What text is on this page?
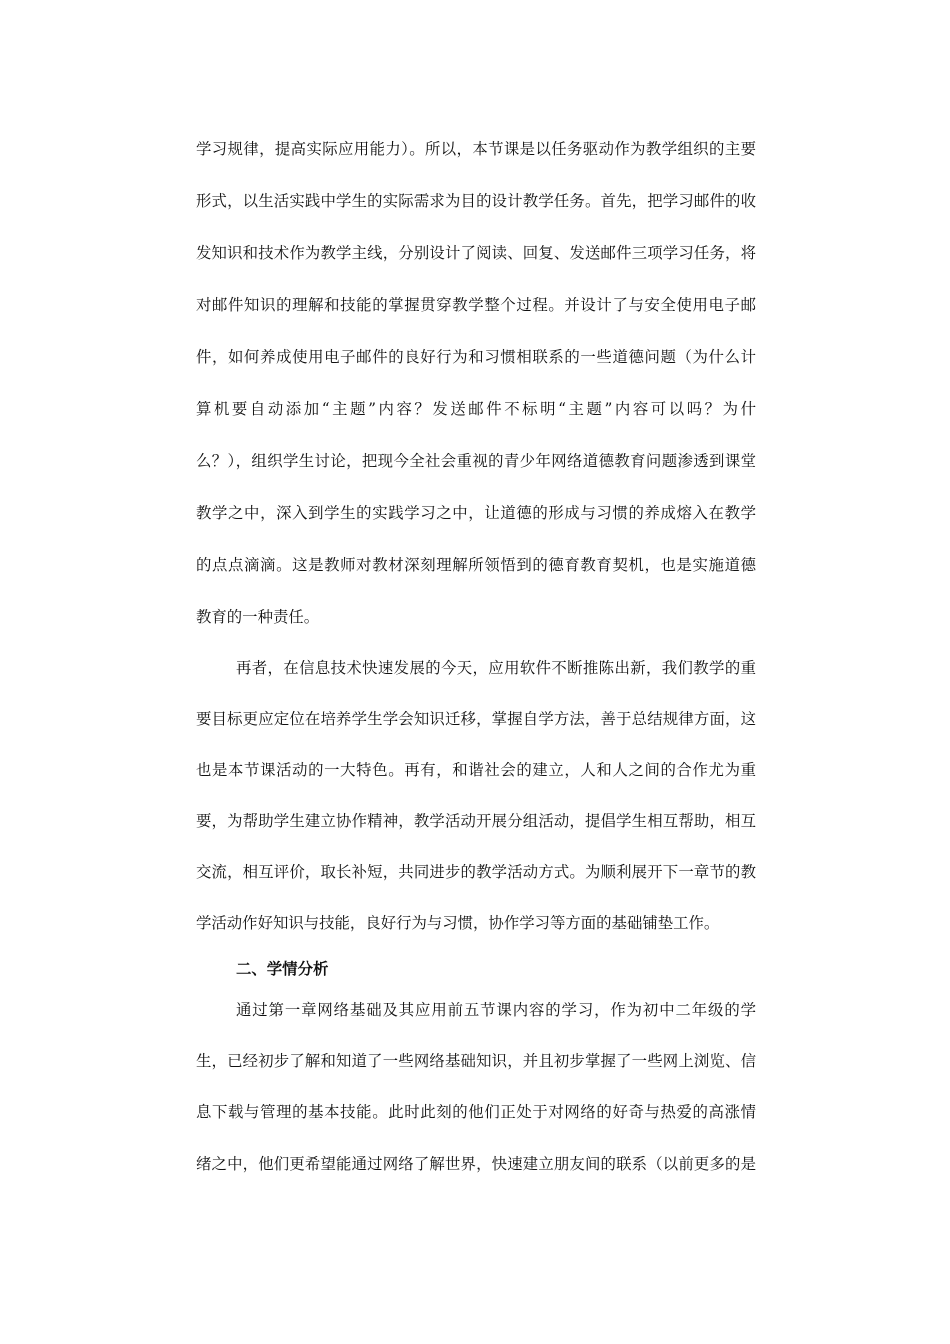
学习规律，提高实际应用能力）。所以，本节课是以任务驱动作为教学组织的主要
形式，以生活实践中学生的实际需求为目的设计教学任务。首先，把学习邮件的收
发知识和技术作为教学主线，分别设计了阅读、回复、发送邮件三项学习任务，将
对邮件知识的理解和技能的掌握贯穿教学整个过程。并设计了与安全使用电子邮
件，如何养成使用电子邮件的良好行为和习惯相联系的一些道德问题（为什么计
算机要自动添加“主题”内容？发送邮件不标明“主题”内容可以吗？为什
么？），组织学生讨论，把现今全社会重视的青少年网络道德教育问题渗透到课堂
教学之中，深入到学生的实践学习之中，让道德的形成与习惯的养成熔入在教学
的点点滴滴。这是教师对教材深刻理解所领悟到的德育教育契机，也是实施道德
教育的一种责任。
再者，在信息技术快速发展的今天，应用软件不断推陈出新，我们教学的重
要目标更应定位在培养学生学会知识迁移，掌握自学方法，善于总结规律方面，这
也是本节课活动的一大特色。再有，和谐社会的建立，人和人之间的合作尤为重
要，为帮助学生建立协作精神，教学活动开展分组活动，提倡学生相互帮助，相互
交流，相互评价，取长补短，共同进步的教学活动方式。为顺利展开下一章节的教
学活动作好知识与技能，良好行为与习惯，协作学习等方面的基础铺垫工作。
二、学情分析
通过第一章网络基础及其应用前五节课内容的学习，作为初中二年级的学
生，已经初步了解和知道了一些网络基础知识，并且初步掌握了一些网上浏览、信
息下载与管理的基本技能。此时此刻的他们正处于对网络的好奇与热爱的高涨情
绪之中，他们更希望能通过网络了解世界，快速建立朋友间的联系（以前更多的是
